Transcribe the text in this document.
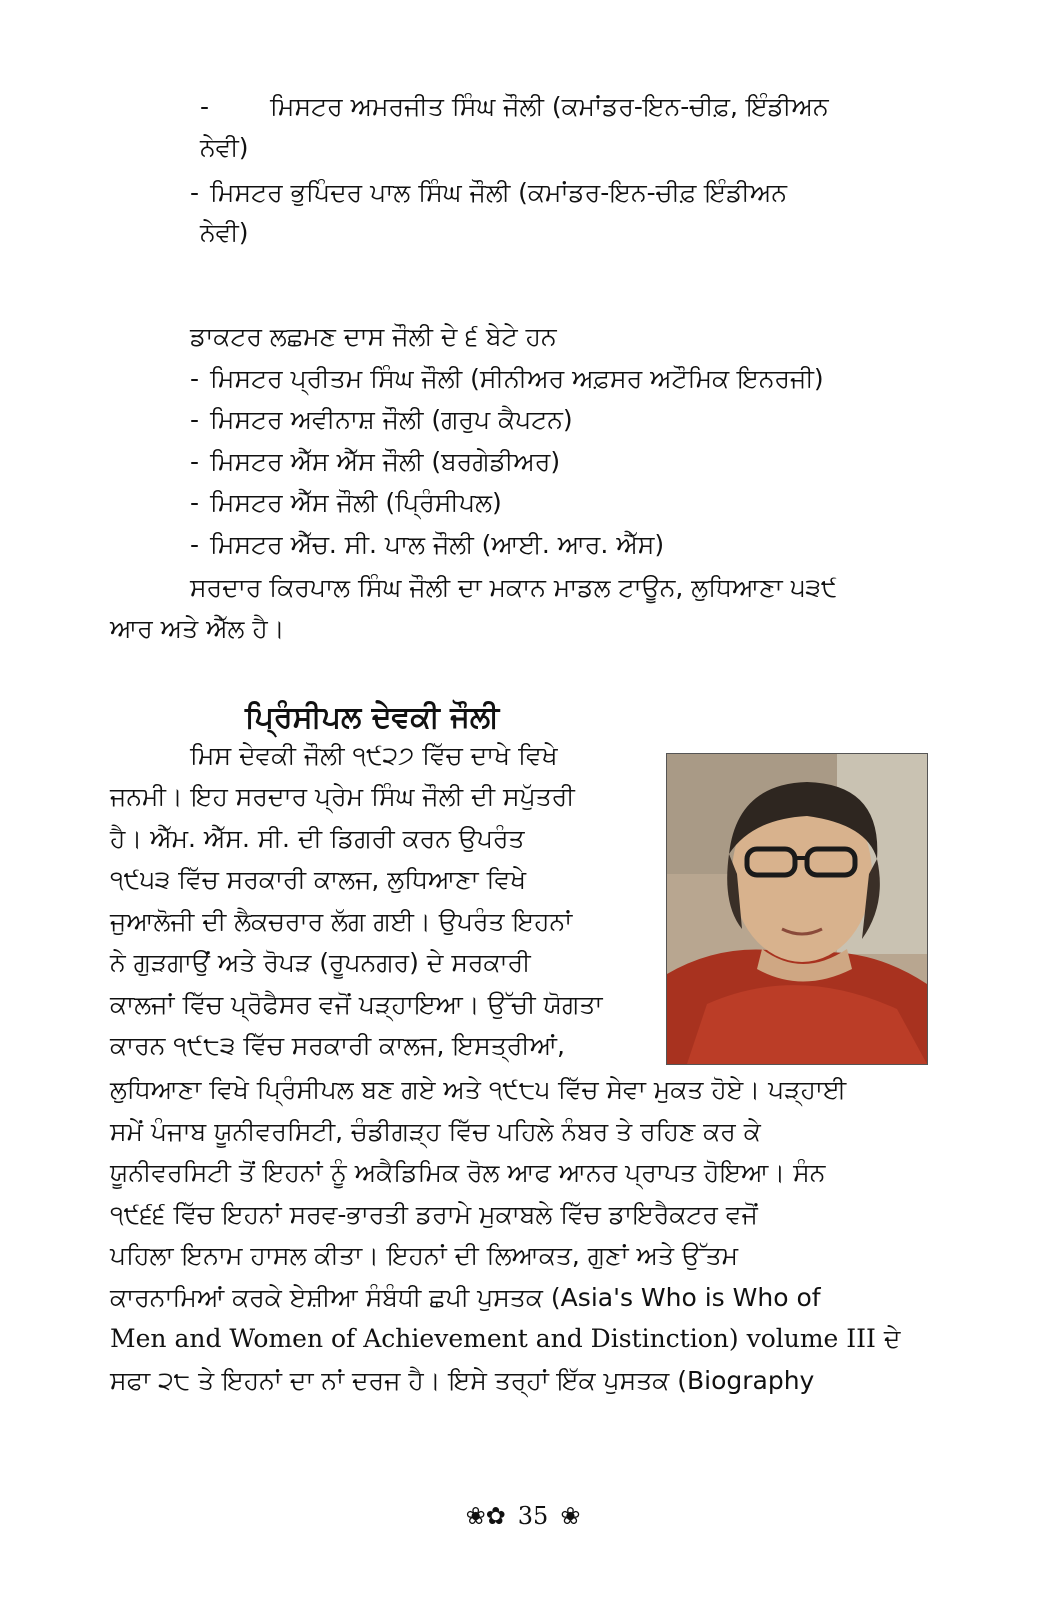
- ਮਿਸਟਰ ਅਮਰਜੀਤ ਸਿੰਘ ਜੌਲੀ (ਕਮਾਂਡਰ-ਇਨ-ਚੀਫ਼, ਇੰਡੀਅਨ
ਨੇਵੀ)
- ਮਿਸਟਰ ਭੁਪਿੰਦਰ ਪਾਲ ਸਿੰਘ ਜੌਲੀ (ਕਮਾਂਡਰ-ਇਨ-ਚੀਫ਼ ਇੰਡੀਅਨ
ਨੇਵੀ)
ਡਾਕਟਰ ਲਛਮਣ ਦਾਸ ਜੌਲੀ ਦੇ ੬ ਬੇਟੇ ਹਨ
- ਮਿਸਟਰ ਪ੍ਰੀਤਮ ਸਿੰਘ ਜੌਲੀ (ਸੀਨੀਅਰ ਅਫ਼ਸਰ ਅਟੌਮਿਕ ਇਨਰਜੀ)
- ਮਿਸਟਰ ਅਵੀਨਾਸ਼ ਜੌਲੀ (ਗਰੁਪ ਕੈਪਟਨ)
- ਮਿਸਟਰ ਐੱਸ ਐੱਸ ਜੌਲੀ (ਬਰਗੇਡੀਅਰ)
- ਮਿਸਟਰ ਐੱਸ ਜੌਲੀ (ਪ੍ਰਿੰਸੀਪਲ)
- ਮਿਸਟਰ ਐੱਚ. ਸੀ. ਪਾਲ ਜੌਲੀ (ਆਈ. ਆਰ. ਐੱਸ)
ਸਰਦਾਰ ਕਿਰਪਾਲ ਸਿੰਘ ਜੌਲੀ ਦਾ ਮਕਾਨ ਮਾਡਲ ਟਾਊਨ, ਲੁਧਿਆਣਾ ੫੩੯
ਆਰ ਅਤੇ ਐੱਲ ਹੈ।
ਪ੍ਰਿੰਸੀਪਲ ਦੇਵਕੀ ਜੌਲੀ
ਮਿਸ ਦੇਵਕੀ ਜੌਲੀ ੧੯੨੭ ਵਿੱਚ ਦਾਖੇ ਵਿਖੇ
ਜਨਮੀ। ਇਹ ਸਰਦਾਰ ਪ੍ਰੇਮ ਸਿੰਘ ਜੌਲੀ ਦੀ ਸਪੁੱਤਰੀ
ਹੈ। ਐੱਮ. ਐੱਸ. ਸੀ. ਦੀ ਡਿਗਰੀ ਕਰਨ ਉਪਰੰਤ
੧੯੫੩ ਵਿੱਚ ਸਰਕਾਰੀ ਕਾਲਜ, ਲੁਧਿਆਣਾ ਵਿਖੇ
ਜੁਆਲੋਜੀ ਦੀ ਲੈਕਚਰਾਰ ਲੱਗ ਗਈ। ਉਪਰੰਤ ਇਹਨਾਂ
ਨੇ ਗੁੜਗਾਉਂ ਅਤੇ ਰੋਪੜ (ਰੂਪਨਗਰ) ਦੇ ਸਰਕਾਰੀ
ਕਾਲਜਾਂ ਵਿੱਚ ਪ੍ਰੋਫੈਸਰ ਵਜੋਂ ਪੜ੍ਹਾਇਆ। ਉੱਚੀ ਯੋਗਤਾ
ਕਾਰਨ ੧੯੮੩ ਵਿੱਚ ਸਰਕਾਰੀ ਕਾਲਜ, ਇਸਤ੍ਰੀਆਂ,
ਲੁਧਿਆਣਾ ਵਿਖੇ ਪ੍ਰਿੰਸੀਪਲ ਬਣ ਗਏ ਅਤੇ ੧੯੮੫ ਵਿੱਚ ਸੇਵਾ ਮੁਕਤ ਹੋਏ। ਪੜ੍ਹਾਈ
ਸਮੇਂ ਪੰਜਾਬ ਯੂਨੀਵਰਸਿਟੀ, ਚੰਡੀਗੜ੍ਹ ਵਿੱਚ ਪਹਿਲੇ ਨੰਬਰ ਤੇ ਰਹਿਣ ਕਰ ਕੇ
ਯੂਨੀਵਰਸਿਟੀ ਤੋਂ ਇਹਨਾਂ ਨੂੰ ਅਕੈਡਿਮਿਕ ਰੋਲ ਆਫ ਆਨਰ ਪ੍ਰਾਪਤ ਹੋਇਆ। ਸੰਨ
੧੯੬੬ ਵਿੱਚ ਇਹਨਾਂ ਸਰਵ-ਭਾਰਤੀ ਡਰਾਮੇ ਮੁਕਾਬਲੇ ਵਿੱਚ ਡਾਇਰੈਕਟਰ ਵਜੋਂ
ਪਹਿਲਾ ਇਨਾਮ ਹਾਸਲ ਕੀਤਾ। ਇਹਨਾਂ ਦੀ ਲਿਆਕਤ, ਗੁਣਾਂ ਅਤੇ ਉੱਤਮ
ਕਾਰਨਾਮਿਆਂ ਕਰਕੇ ਏਸ਼ੀਆ ਸੰਬੰਧੀ ਛਪੀ ਪੁਸਤਕ (Asia's Who is Who of
Men and Women of Achievement and Distinction) volume III ਦੇ
ਸਫਾ ੨੮ ਤੇ ਇਹਨਾਂ ਦਾ ਨਾਂ ਦਰਜ ਹੈ। ਇਸੇ ਤਰ੍ਹਾਂ ਇੱਕ ਪੁਸਤਕ (Biography
❀✿ 35 ❀
